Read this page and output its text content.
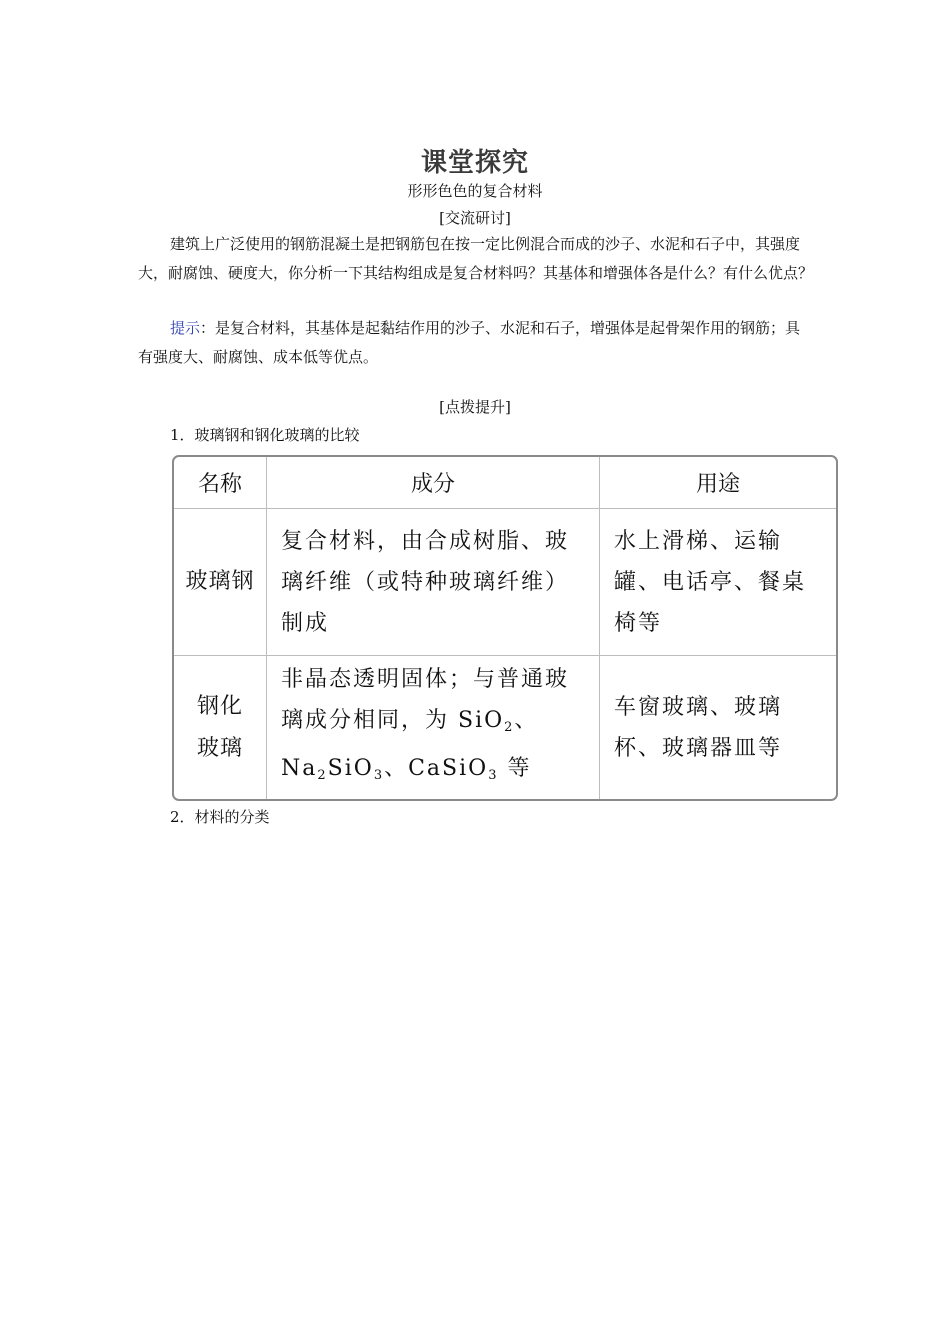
课堂探究
形形色色的复合材料
[交流研讨]
建筑上广泛使用的钢筋混凝土是把钢筋包在按一定比例混合而成的沙子、水泥和石子中，其强度大，耐腐蚀、硬度大，你分析一下其结构组成是复合材料吗？其基体和增强体各是什么？有什么优点？
提示：是复合材料，其基体是起黏结作用的沙子、水泥和石子，增强体是起骨架作用的钢筋；具有强度大、耐腐蚀、成本低等优点。
[点拨提升]
1．玻璃钢和钢化玻璃的比较
名称	成分	用途
玻璃钢
复合材料，由合成树脂、玻璃纤维（或特种玻璃纤维）制成
水上滑梯、运输罐、电话亭、餐桌椅等
钢化
玻璃
非晶态透明固体；与普通玻璃成分相同，为 SiO$_2$、$Na_2SiO_3$、CaSiO$_3$ 等
车窗玻璃、玻璃杯、玻璃器皿等
2．材料的分类
